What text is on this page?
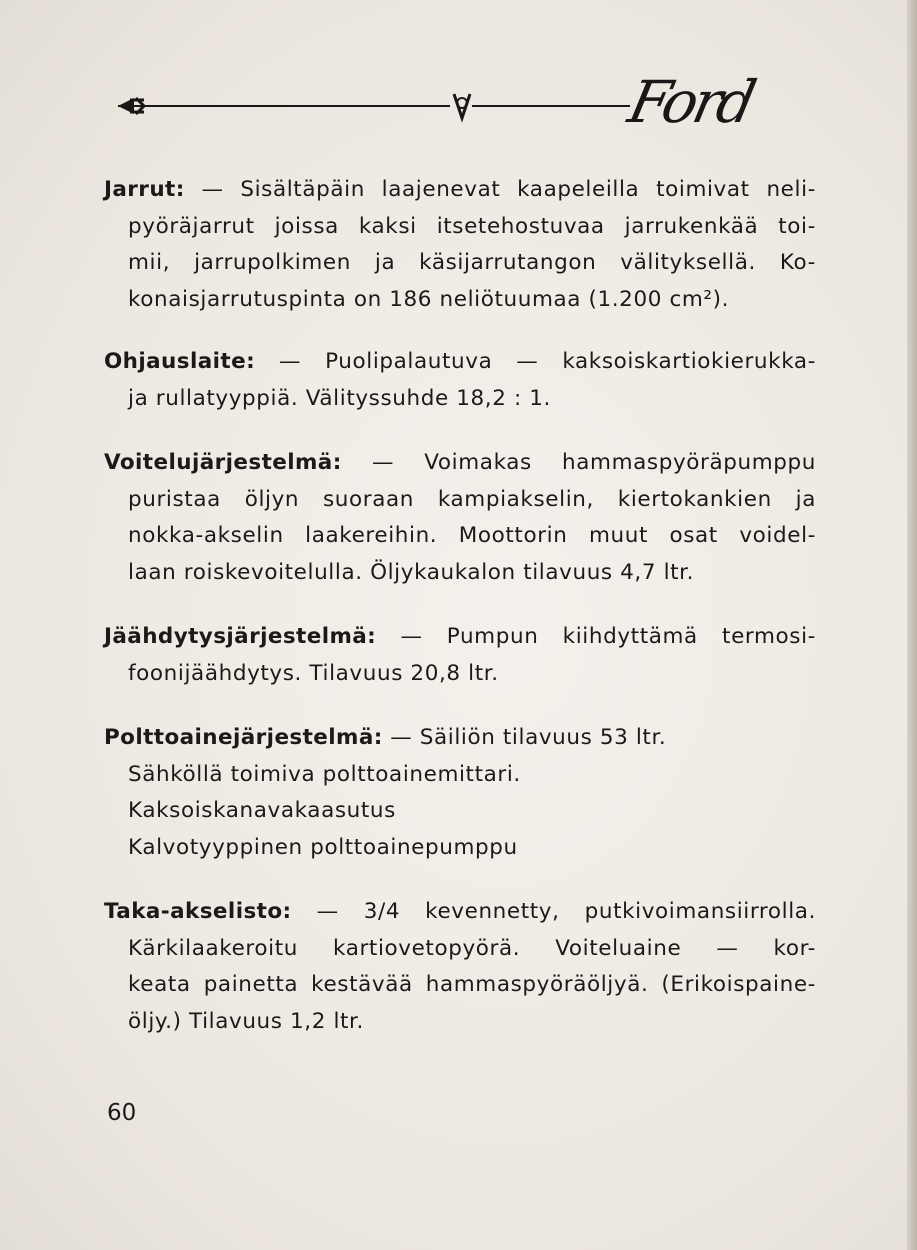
Ford
Jarrut: — Sisältäpäin laajenevat kaapeleilla toimivat neli-
pyöräjarrut joissa kaksi itsetehostuvaa jarrukenkää toi-
mii, jarrupolkimen ja käsijarrutangon välityksellä. Ko-
konaisjarrutuspinta on 186 neliötuumaa (1.200 cm²).
Ohjauslaite: — Puolipalautuva — kaksoiskartiokierukka-
ja rullatyyppiä. Välityssuhde 18,2 : 1.
Voitelujärjestelmä: — Voimakas hammaspyöräpumppu
puristaa öljyn suoraan kampiakselin, kiertokankien ja
nokka-akselin laakereihin. Moottorin muut osat voidel-
laan roiskevoitelulla. Öljykaukalon tilavuus 4,7 ltr.
Jäähdytysjärjestelmä: — Pumpun kiihdyttämä termosi-
foonijäähdytys. Tilavuus 20,8 ltr.
Polttoainejärjestelmä: — Säiliön tilavuus 53 ltr.
Sähköllä toimiva polttoainemittari.
Kaksoiskanavakaasutus
Kalvotyyppinen polttoainepumppu
Taka-akselisto: — 3/4 kevennetty, putkivoimansiirrolla.
Kärkilaakeroitu kartiovetopyörä. Voiteluaine — kor-
keata painetta kestävää hammaspyöräöljyä. (Erikoispaine-
öljy.) Tilavuus 1,2 ltr.
60
